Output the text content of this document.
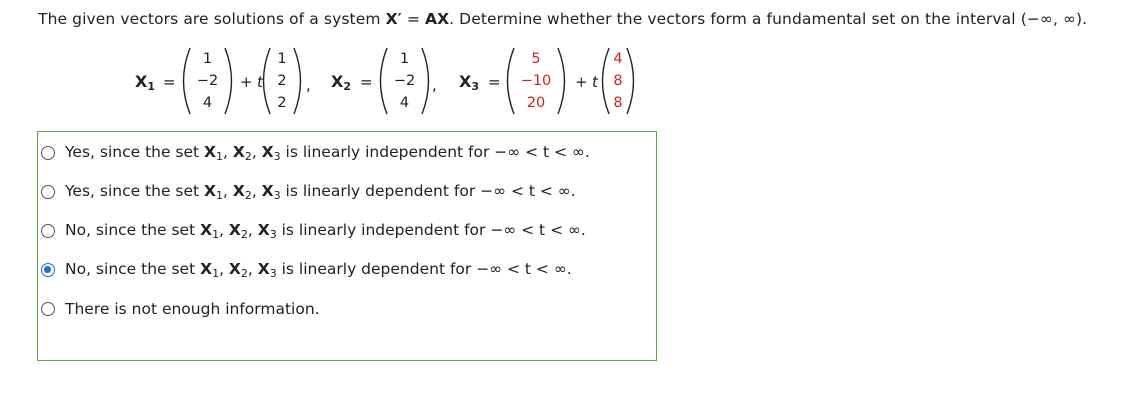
The given vectors are solutions of a system X′ = AX. Determine whether the vectors form a fundamental set on the interval (−∞, ∞).
$X_1$ =
1
−2
4
+ t
1
2
2
, $X_2$ =
1
−2
4
, $X_3$ =
5
−10
20
+ t
4
8
8
Yes, since the set $X_1$, $X_2$, $X_3$ is linearly independent for −∞ < t < ∞.
Yes, since the set $X_1$, $X_2$, $X_3$ is linearly dependent for −∞ < t < ∞.
No, since the set $X_1$, $X_2$, $X_3$ is linearly independent for −∞ < t < ∞.
No, since the set $X_1$, $X_2$, $X_3$ is linearly dependent for −∞ < t < ∞.
There is not enough information.
